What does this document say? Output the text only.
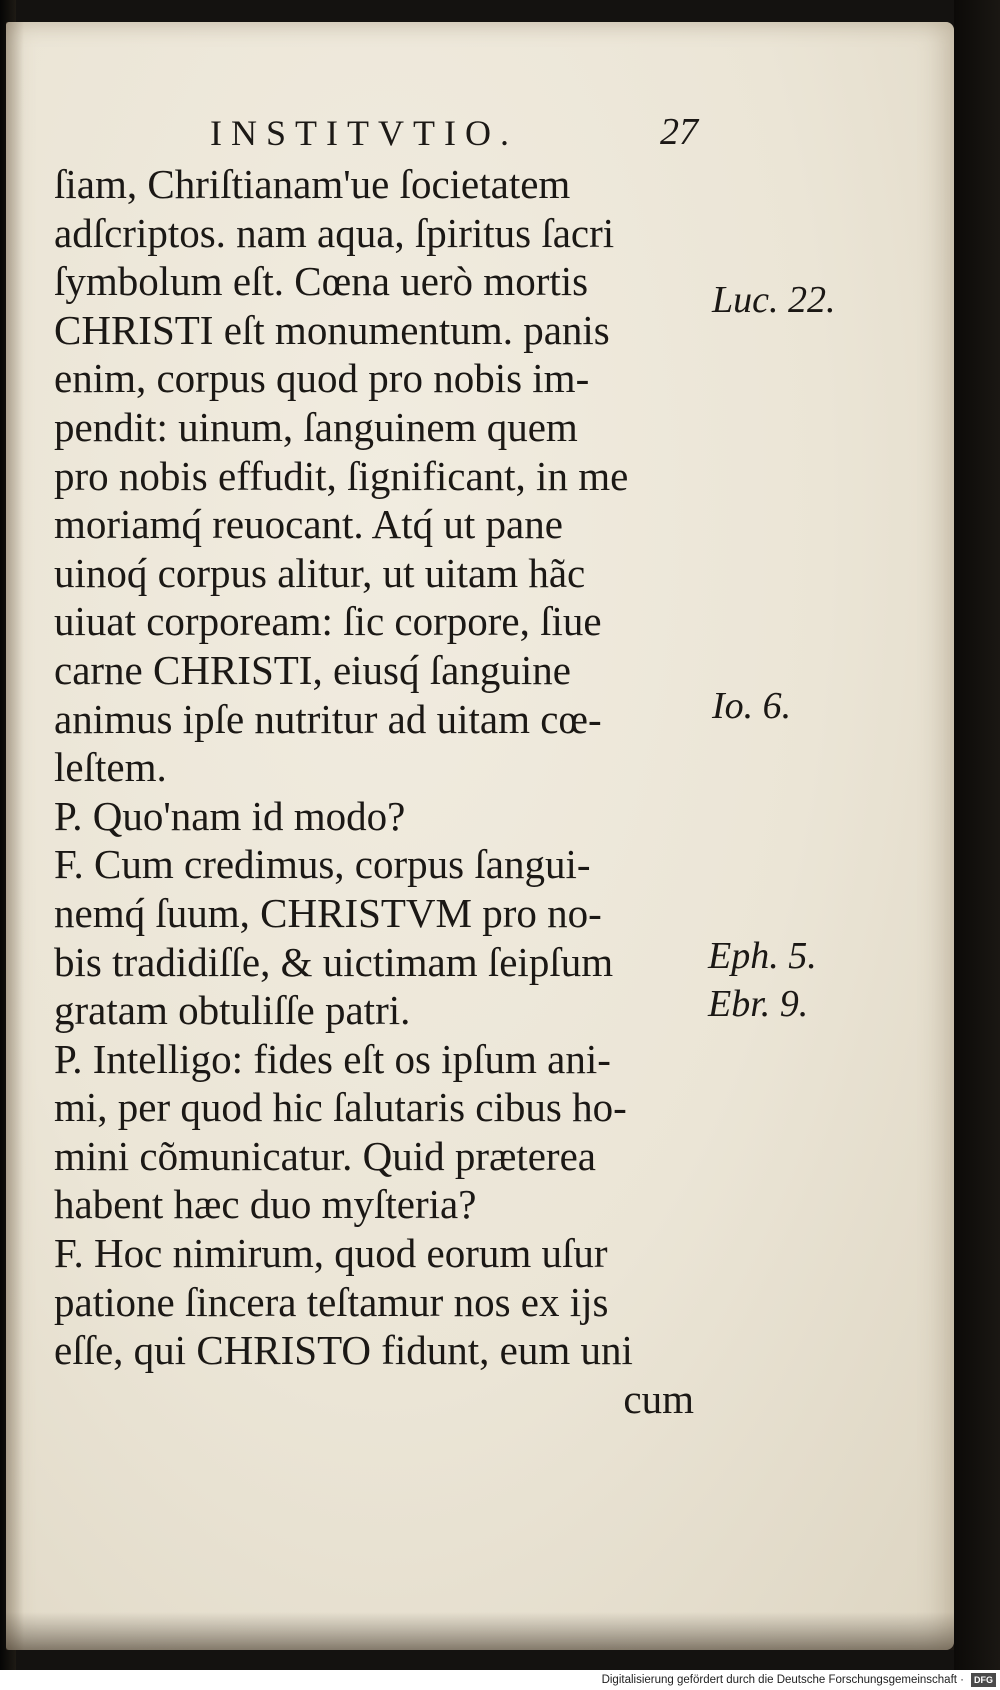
INSTITVTIO.	27
ſiam, Chriſtianam'ue ſocietatem
adſcriptos. nam aqua, ſpiritus ſacri
ſymbolum eſt. Cœna uerò mortis
CHRISTI eſt monumentum. panis
enim, corpus quod pro nobis im-
pendit: uinum, ſanguinem quem
pro nobis effudit, ſignificant, in me
moriamq́ reuocant. Atq́ ut pane
uinoq́ corpus alitur, ut uitam hãc
uiuat corpoream: ſic corpore, ſiue
carne CHRISTI, eiusq́ ſanguine
animus ipſe nutritur ad uitam cœ-
leſtem.
P. Quo'nam id modo?
F. Cum credimus, corpus ſangui-
nemq́ ſuum, CHRISTVM pro no-
bis tradidiſſe, & uictimam ſeipſum
gratam obtuliſſe patri.
P. Intelligo: fides eſt os ipſum ani-
mi, per quod hic ſalutaris cibus ho-
mini cõmunicatur. Quid præterea
habent hæc duo myſteria?
F. Hoc nimirum, quod eorum uſur
patione ſincera teſtamur nos ex ijs
eſſe, qui CHRISTO fidunt, eum uni
cum
Luc. 22.
Io. 6.
Eph. 5.
Ebr. 9.
Digitalisierung gefördert durch die Deutsche Forschungsgemeinschaft ·	DFG
